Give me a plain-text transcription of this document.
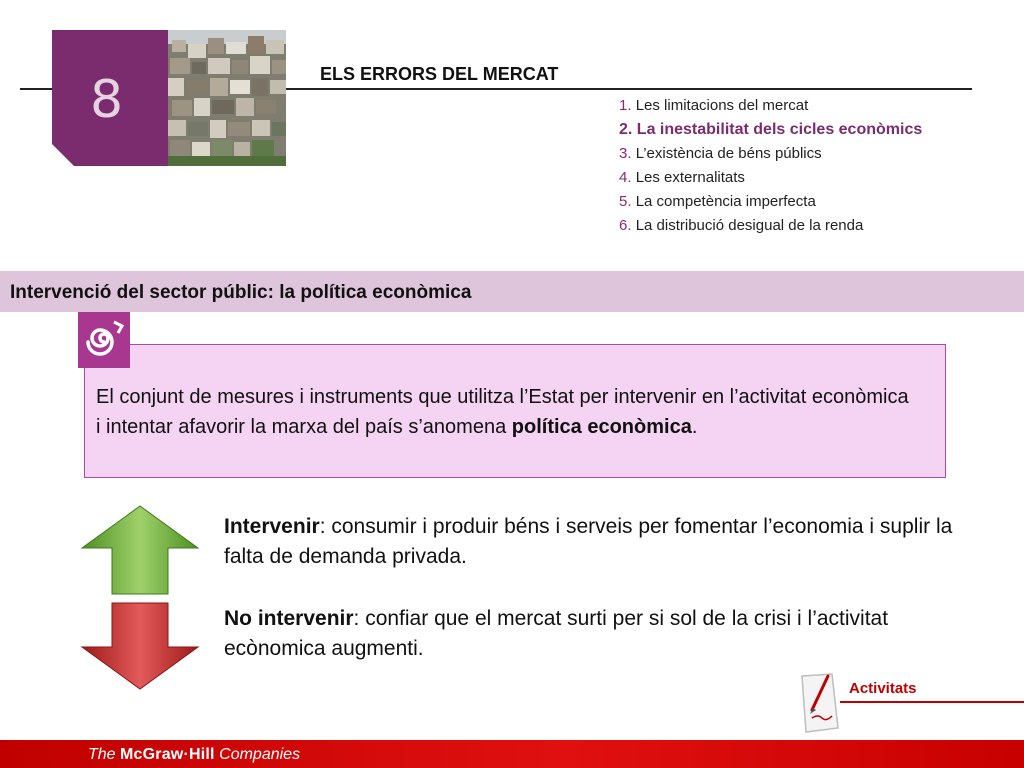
8	ELS ERRORS DEL MERCAT
1. Les limitacions del mercat
2. La inestabilitat dels cicles econòmics
3. L’existència de béns públics
4. Les externalitats
5. La competència imperfecta
6. La distribució desigual de la renda
Intervenció del sector públic: la política econòmica
El conjunt de mesures i instruments que utilitza l’Estat per intervenir en l’activitat econòmica i intentar afavorir la marxa del país s’anomena política econòmica.
Intervenir: consumir i produir béns i serveis per fomentar l’economia i suplir la falta de demanda privada.
No intervenir: confiar que el mercat surti per si sol de la crisi i l’activitat ecònomica augmenti.
Activitats
The McGraw·Hill Companies
